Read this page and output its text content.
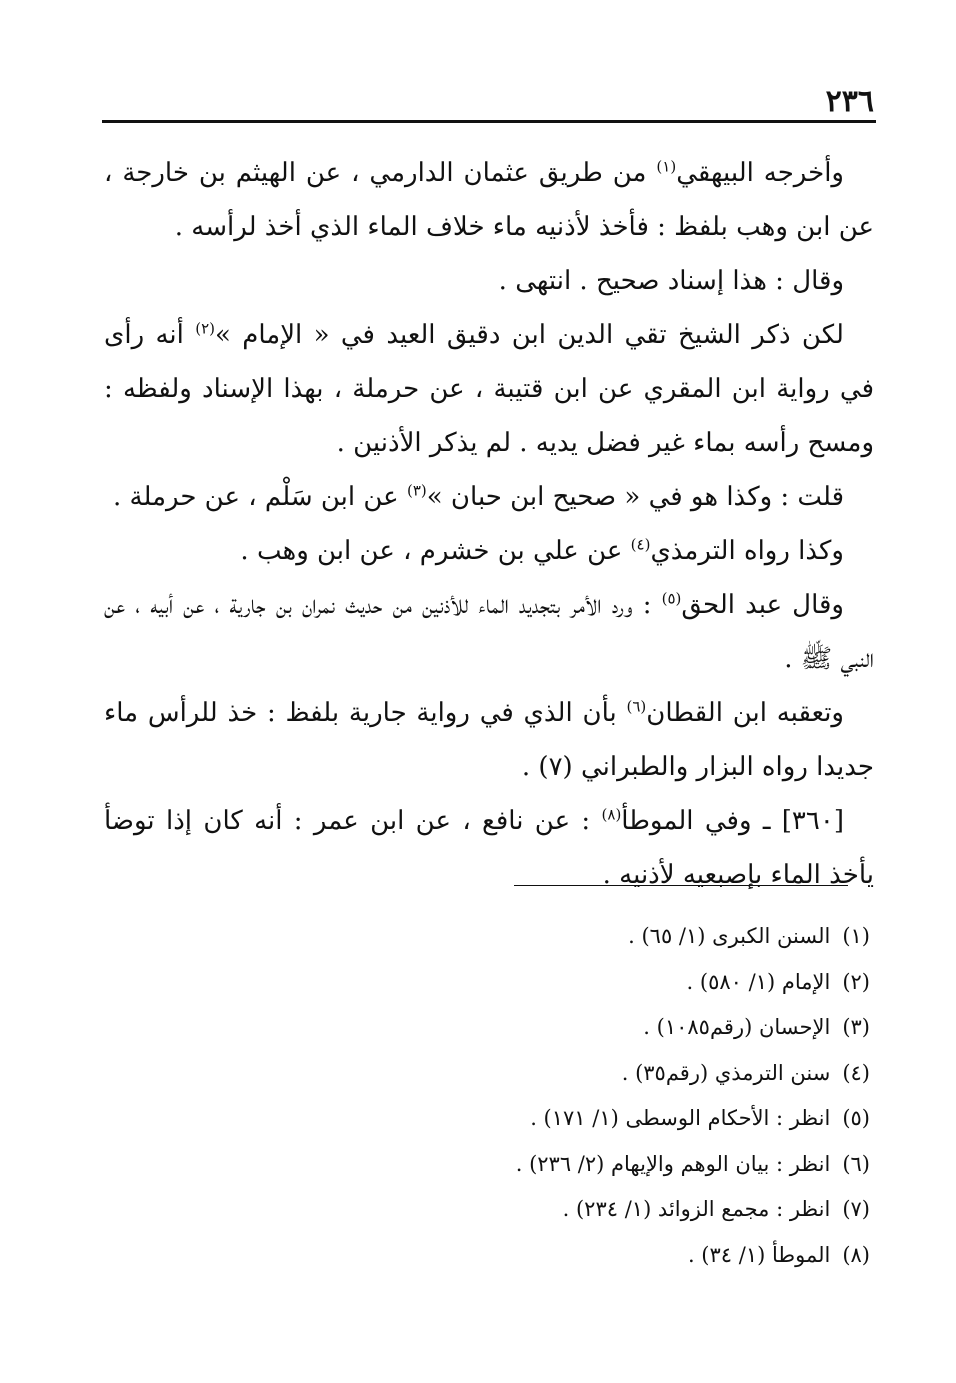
٢٣٦

وأخرجه البيهقي$^{(١)}$ من طريق عثمان الدارمي ، عن الهيثم بن خارجة ، عن ابن وهب بلفظ : فأخذ لأذنيه ماء خلاف الماء الذي أخذ لرأسه .

وقال : هذا إسناد صحيح . انتهى .

لكن ذكر الشيخ تقي الدين ابن دقيق العيد في « الإمام »$^{(٢)}$ أنه رأى في رواية ابن المقري عن ابن قتيبة ، عن حرملة ، بهذا الإسناد ولفظه : ومسح رأسه بماء غير فضل يديه . لم يذكر الأذنين .

قلت : وكذا هو في « صحيح ابن حبان »$^{(٣)}$ عن ابن سَلْم ، عن حرملة .

وكذا رواه الترمذي$^{(٤)}$ عن علي بن خشرم ، عن ابن وهب .

وقال عبد الحق$^{(٥)}$ : ورد الأمر بتجديد الماء للأذنين من حديث نمران بن جارية ، عن أبيه ، عن النبي ﷺ .

وتعقبه ابن القطان$^{(٦)}$ بأن الذي في رواية جارية بلفظ : خذ للرأس ماء جديدا رواه البزار والطبراني (٧) .

[٣٦٠] ـ وفي الموطأ$^{(٨)}$ : عن نافع ، عن ابن عمر : أنه كان إذا توضأ يأخذ الماء بإصبعيه لأذنيه .

(١)السنن الكبرى (١/ ٦٥) .
(٢)الإمام (١/ ٥٨٠) .
(٣)الإحسان (رقم١٠٨٥) .
(٤)سنن الترمذي (رقم٣٥) .
(٥)انظر : الأحكام الوسطى (١/ ١٧١) .
(٦)انظر : بيان الوهم والإيهام (٢/ ٢٣٦) .
(٧)انظر : مجمع الزوائد (١/ ٢٣٤) .
(٨)الموطأ (١/ ٣٤) .
